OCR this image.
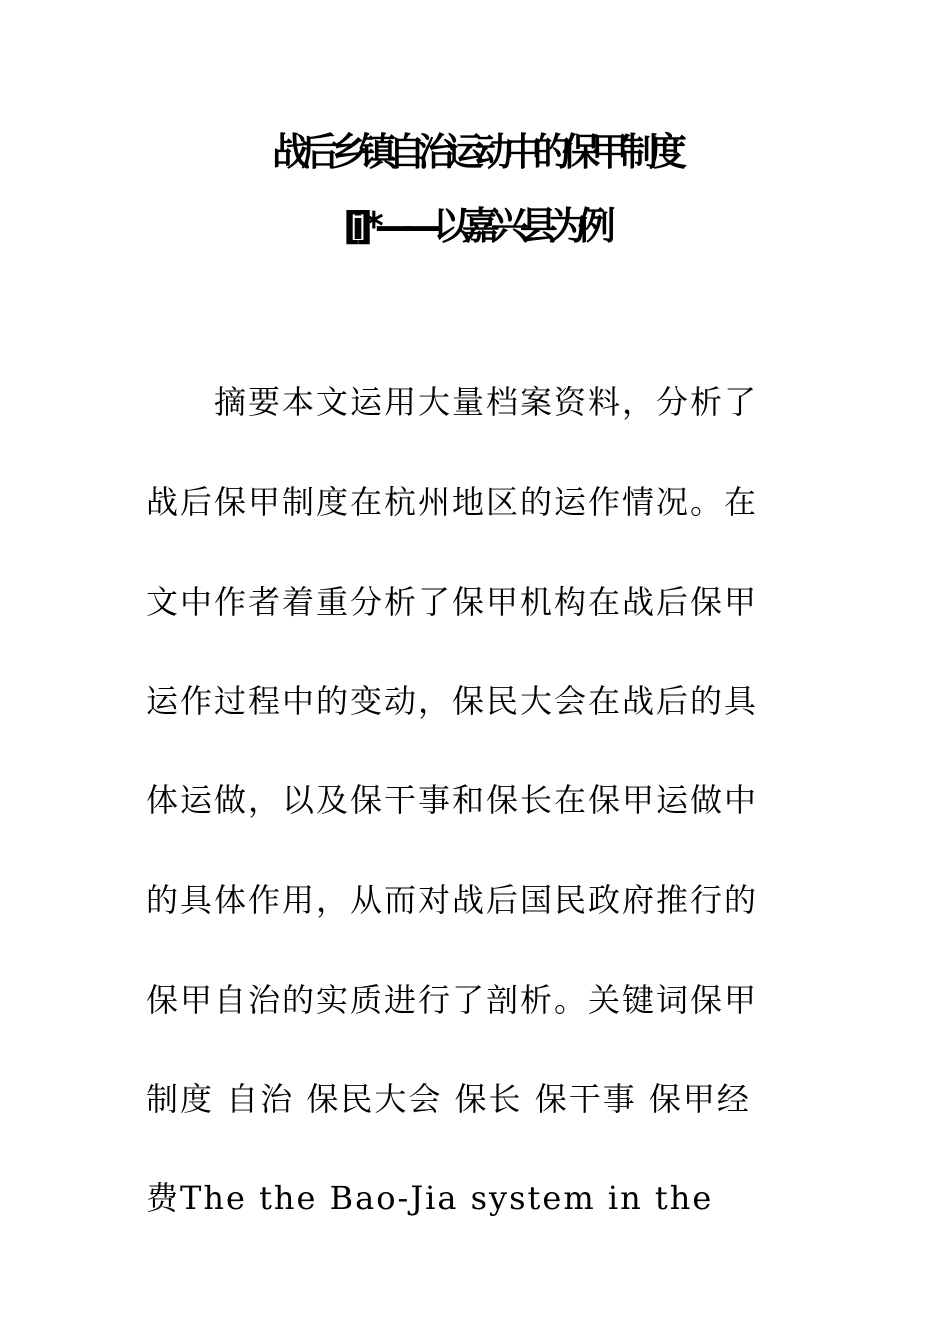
战后乡镇自治运动中的保甲制度
[i]*——以嘉兴县为例
摘要本文运用大量档案资料，分析了
战后保甲制度在杭州地区的运作情况。在
文中作者着重分析了保甲机构在战后保甲
运作过程中的变动，保民大会在战后的具
体运做，以及保干事和保长在保甲运做中
的具体作用，从而对战后国民政府推行的
保甲自治的实质进行了剖析。关键词保甲
制度 自治 保民大会 保长 保干事 保甲经
费The the Bao-Jia system in the
